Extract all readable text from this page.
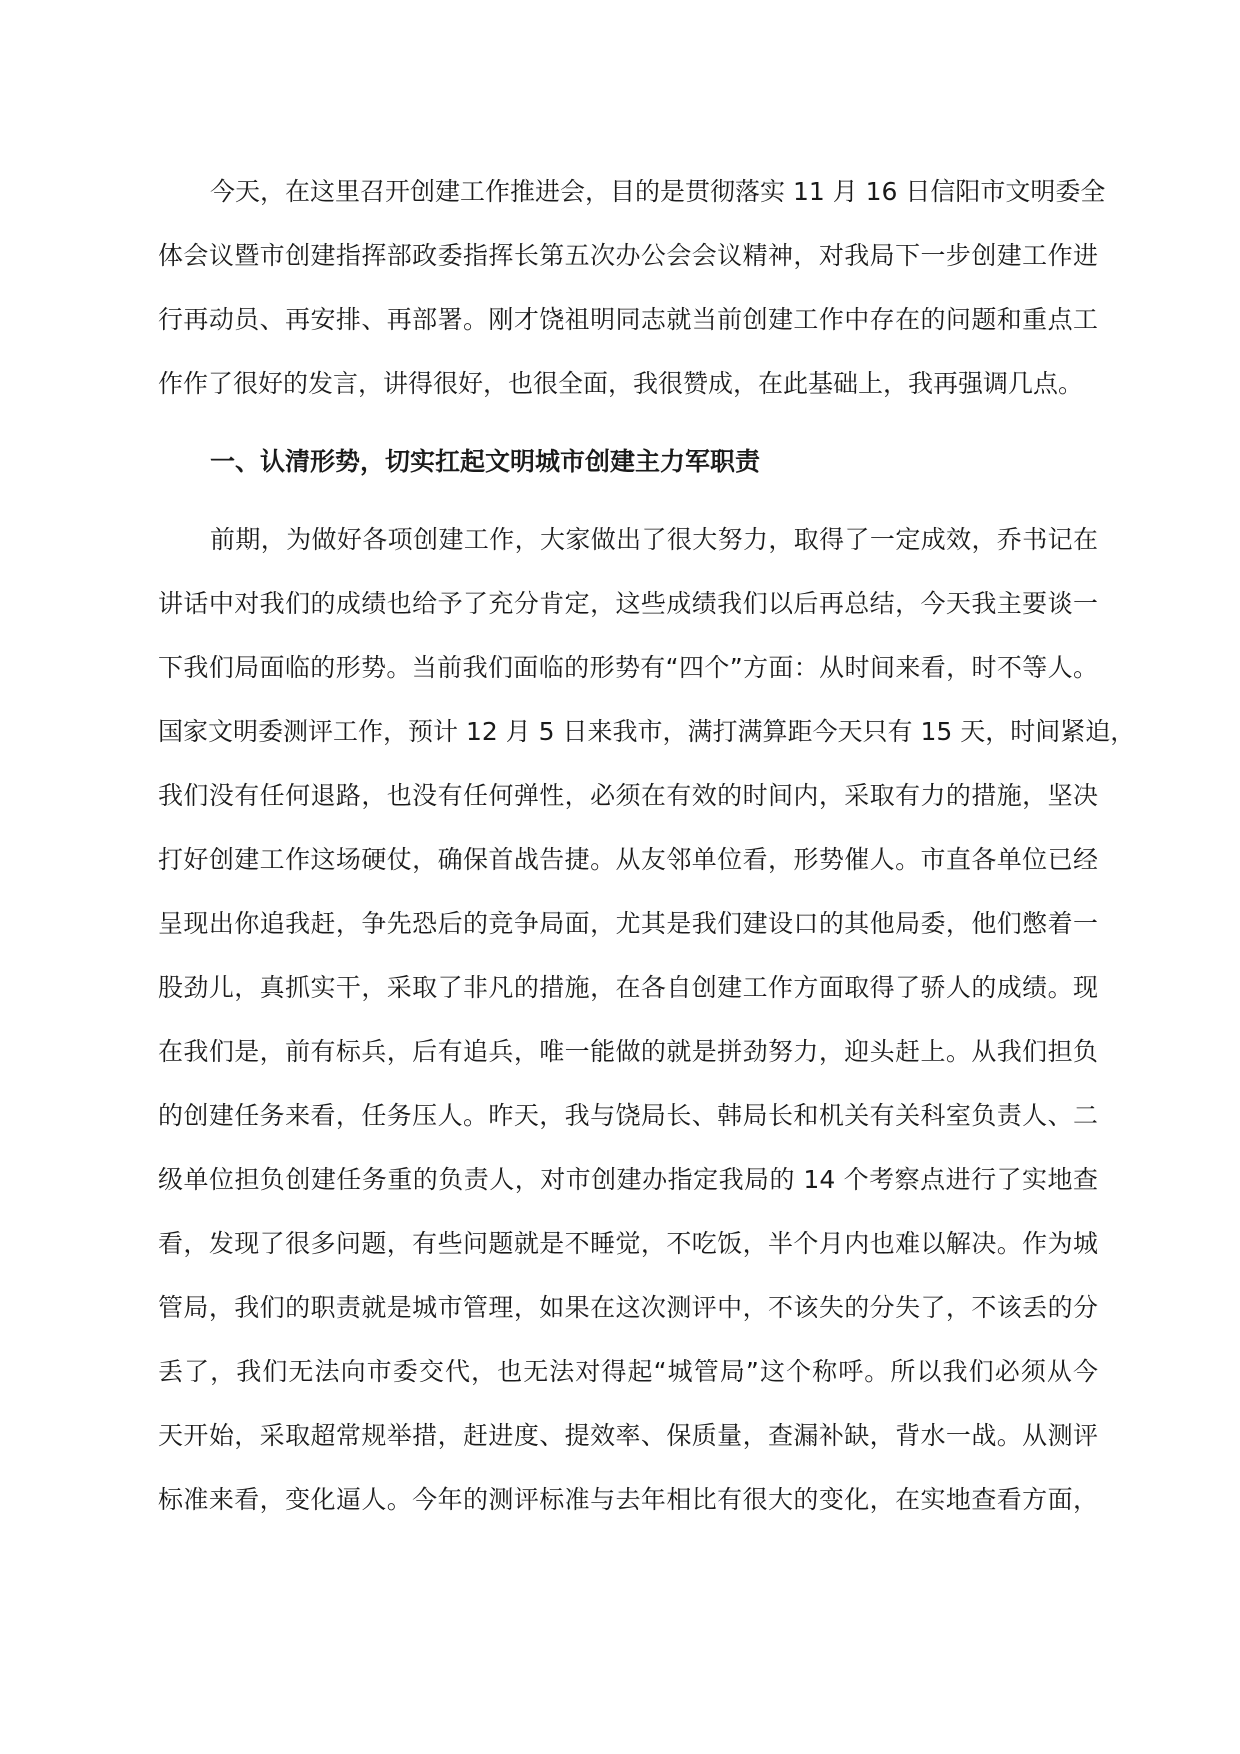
今天，在这里召开创建工作推进会，目的是贯彻落实 11 月 16 日信阳市文明委全

体会议暨市创建指挥部政委指挥长第五次办公会会议精神，对我局下一步创建工作进

行再动员、再安排、再部署。刚才饶祖明同志就当前创建工作中存在的问题和重点工

作作了很好的发言，讲得很好，也很全面，我很赞成，在此基础上，我再强调几点。

一、认清形势，切实扛起文明城市创建主力军职责

前期，为做好各项创建工作，大家做出了很大努力，取得了一定成效，乔书记在

讲话中对我们的成绩也给予了充分肯定，这些成绩我们以后再总结，今天我主要谈一

下我们局面临的形势。当前我们面临的形势有“四个”方面：从时间来看，时不等人。

国家文明委测评工作，预计 12 月 5 日来我市，满打满算距今天只有 15 天，时间紧迫，

我们没有任何退路，也没有任何弹性，必须在有效的时间内，采取有力的措施，坚决

打好创建工作这场硬仗，确保首战告捷。从友邻单位看，形势催人。市直各单位已经

呈现出你追我赶，争先恐后的竞争局面，尤其是我们建设口的其他局委，他们憋着一

股劲儿，真抓实干，采取了非凡的措施，在各自创建工作方面取得了骄人的成绩。现

在我们是，前有标兵，后有追兵，唯一能做的就是拼劲努力，迎头赶上。从我们担负

的创建任务来看，任务压人。昨天，我与饶局长、韩局长和机关有关科室负责人、二

级单位担负创建任务重的负责人，对市创建办指定我局的 14 个考察点进行了实地查

看，发现了很多问题，有些问题就是不睡觉，不吃饭，半个月内也难以解决。作为城

管局，我们的职责就是城市管理，如果在这次测评中，不该失的分失了，不该丢的分

丢了，我们无法向市委交代，也无法对得起“城管局”这个称呼。所以我们必须从今

天开始，采取超常规举措，赶进度、提效率、保质量，查漏补缺，背水一战。从测评

标准来看，变化逼人。今年的测评标准与去年相比有很大的变化，在实地查看方面，
